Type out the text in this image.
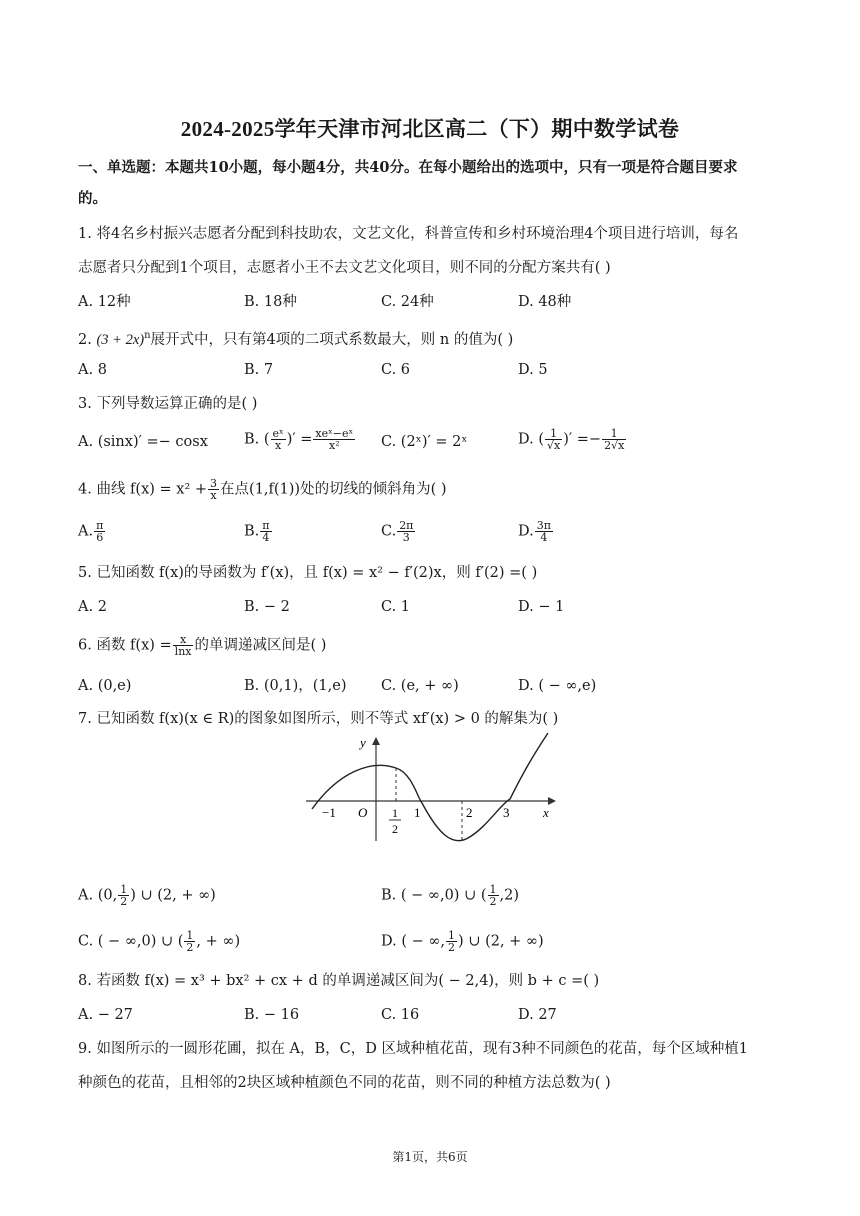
2024-2025学年天津市河北区高二（下）期中数学试卷
一、单选题：本题共10小题，每小题4分，共40分。在每小题给出的选项中，只有一项是符合题目要求
的。
1. 将4名乡村振兴志愿者分配到科技助农，文艺文化，科普宣传和乡村环境治理4个项目进行培训，每名
志愿者只分配到1个项目，志愿者小王不去文艺文化项目，则不同的分配方案共有( )
A. 12种	B. 18种	C. 24种	D. 48种
2. $(3 + 2x)^n$展开式中，只有第4项的二项式系数最大，则 n 的值为( )
A. 8	B. 7	C. 6	D. 5
3. 下列导数运算正确的是( )
A. (sinx)′ =− cosx B. ( $\frac{\text{eˣ}}{x}$ )′ = $\frac{\text{xeˣ−eˣ}}{\text{x²}} C$. (2ˣ)′ = 2ˣ	D. ( $\frac{1}{√x}$ )′ =− $\frac{1}{2√x}$
4. 曲线 $f(x) = x^2 + \frac{3}{x}$ 在点(1,f(1))处的切线的倾斜角为( )
A. $\frac{\pi}{6}$	B. $\frac{\pi}{4}$	C. $\frac{2\pi}{3}$	D. $\frac{3\pi}{4}$
5. 已知函数 f(x)的导函数为 f′(x)，且 f(x) = x² − f′(2)x，则 f′(2) =( )
A. 2	B. − 2	C. 1	D. − 1
6. 函数 $f(x) = \frac{x}{\ln x}$ 的单调递减区间是( )
A. (0,e)	B. (0,1)，(1,e) C. (e, + ∞)	D. ( − ∞,e)
7. 已知函数 f(x)(x ∈ R)的图象如图所示，则不等式 xf′(x) > 0 的解集为( )
y
x
O
−1	1
2
1	2 3
A. (0, $\frac{1}{2}$ ) ∪ (2, + ∞)	B. ( − ∞,0) ∪ ( $\frac{1}{2} ,2$)
C. ( − ∞,0) ∪ ( $\frac{1}{2}$ , + ∞)	D. ( − ∞, $\frac{1}{2}$ ) ∪ (2, + ∞)
8. 若函数 f(x) = x³ + bx² + cx + d 的单调递减区间为( − 2,4)，则 b + c =( )
A. − 27	B. − 16	C. 16	D. 27
9. 如图所示的一圆形花圃，拟在 A，B，C，D 区域种植花苗，现有3种不同颜色的花苗，每个区域种植1
种颜色的花苗，且相邻的2块区域种植颜色不同的花苗，则不同的种植方法总数为( )
第1页，共6页
